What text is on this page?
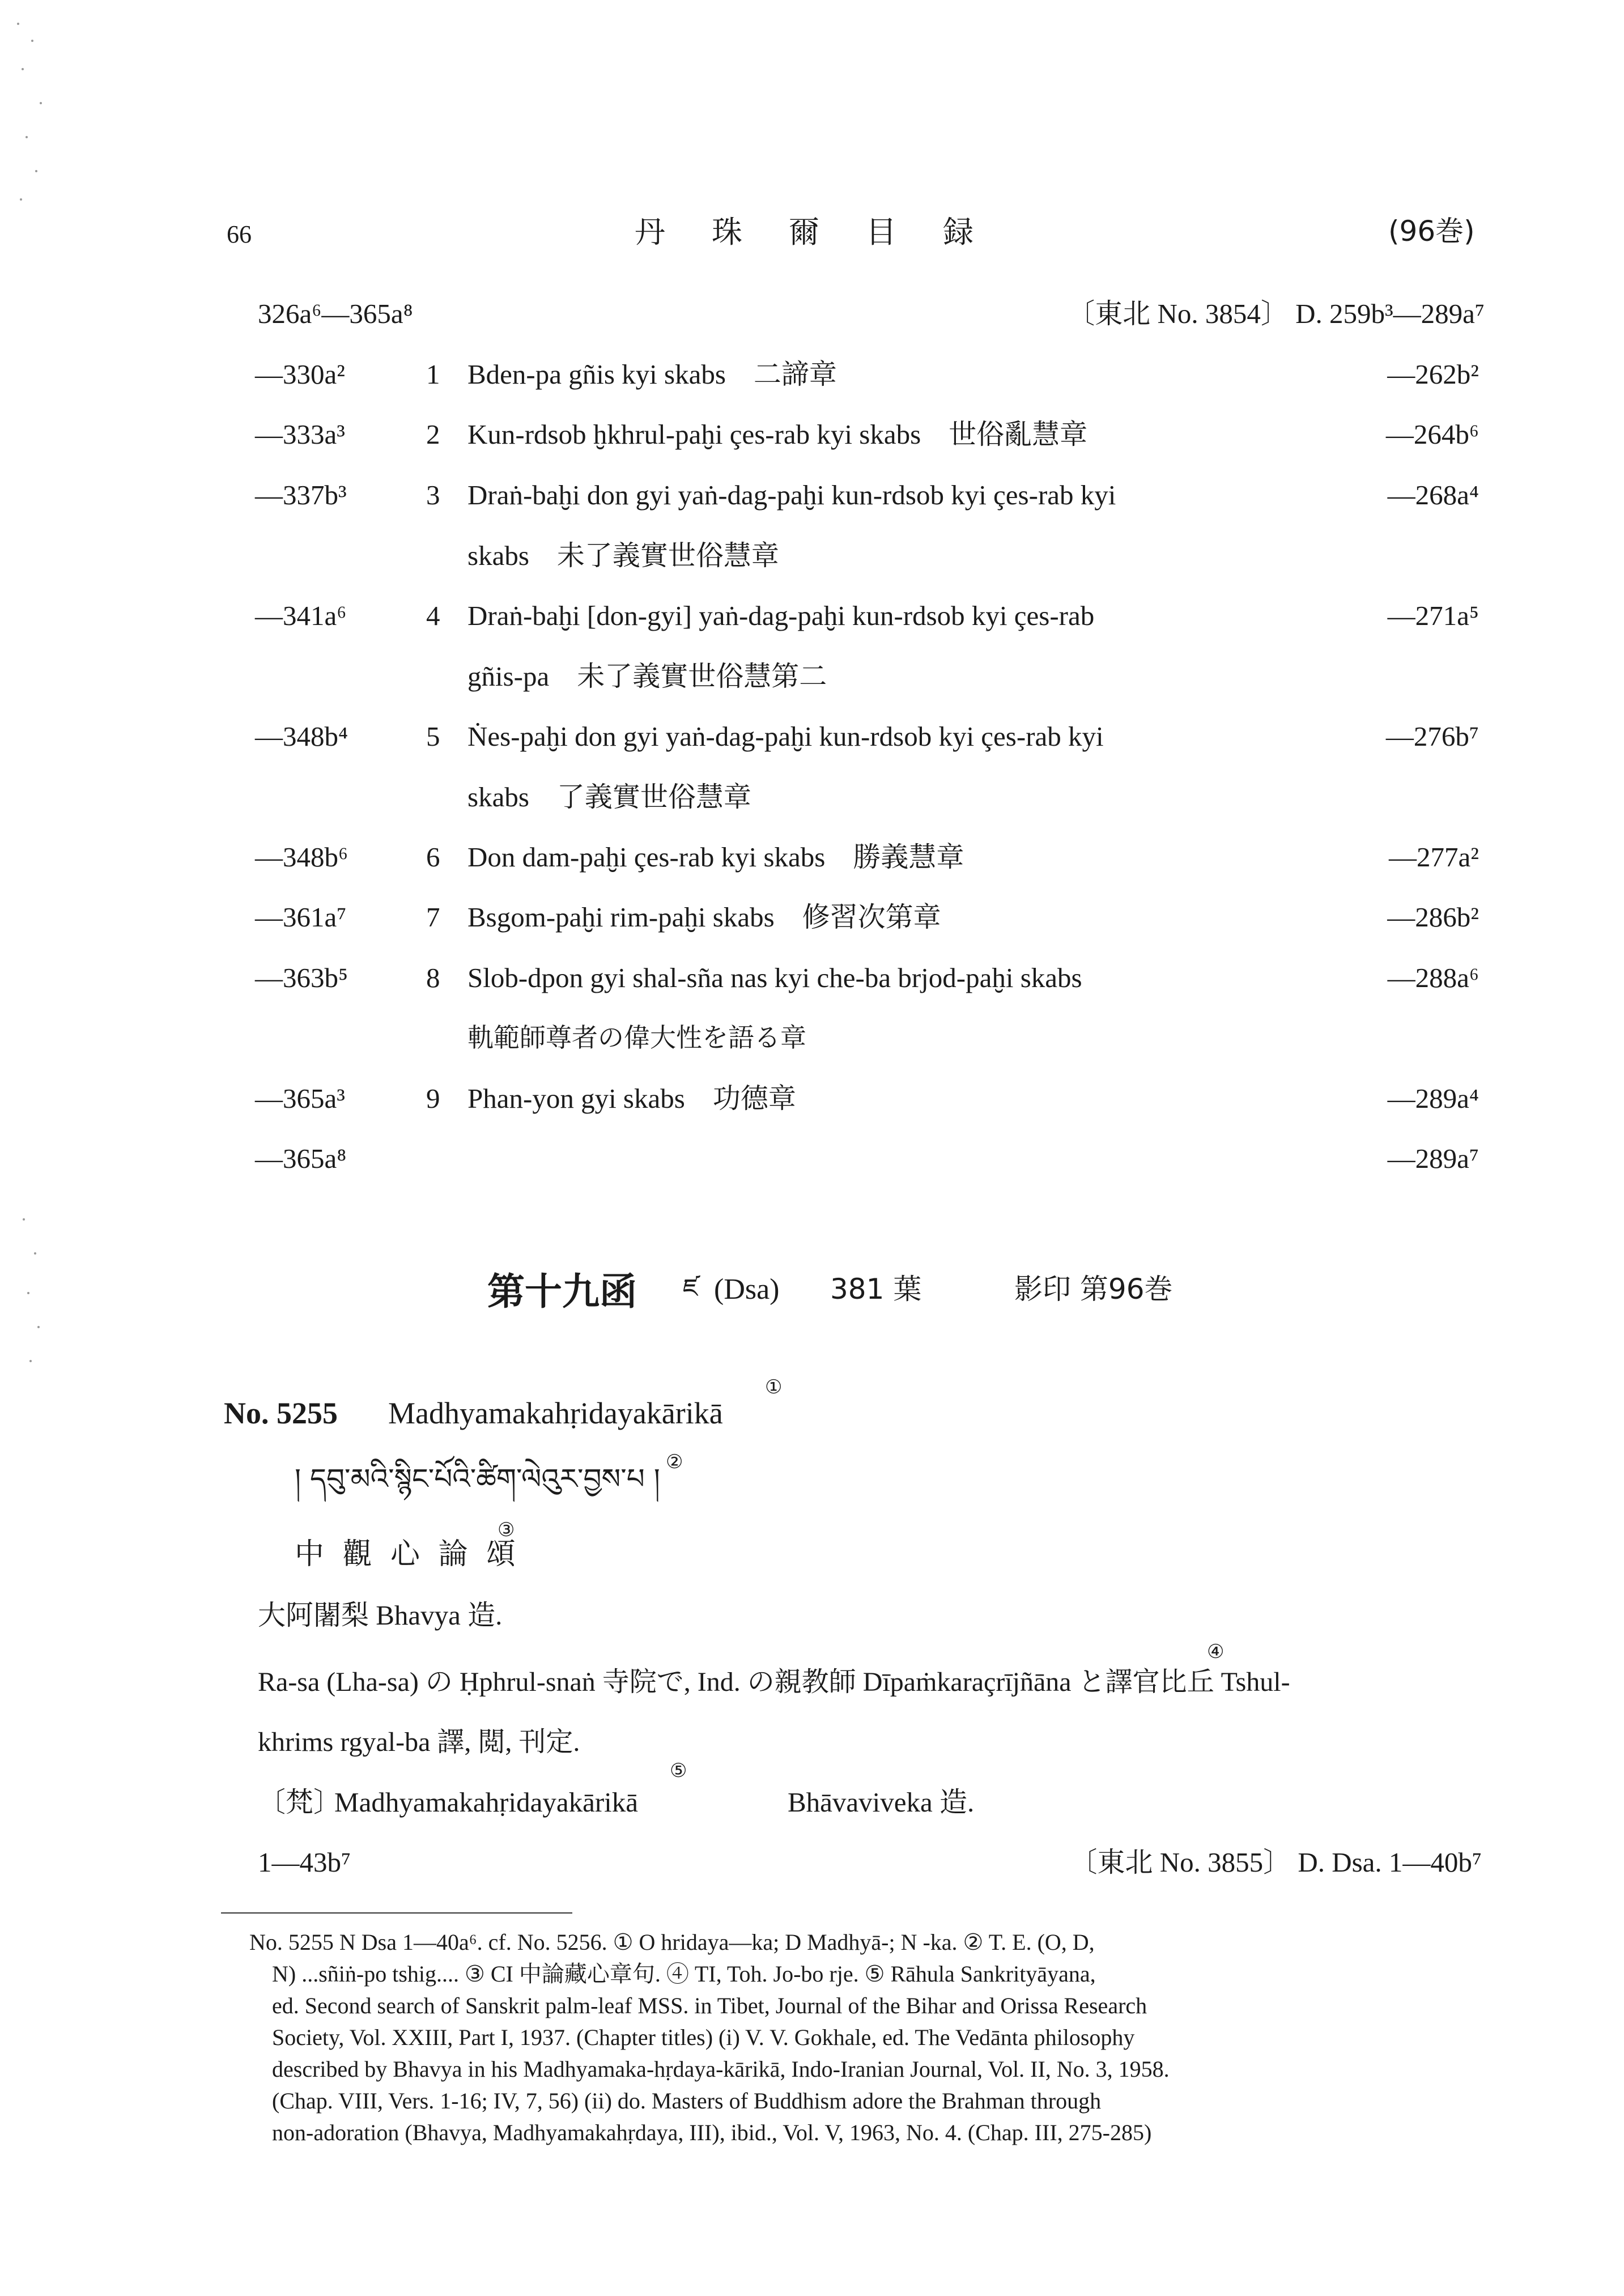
66	丹　珠　爾　目　録	(96巻)
326a⁶—365a⁸	〔東北 No. 3854〕 D. 259b³—289a⁷
—330a²	1 Bden-pa gñis kyi skabs　二諦章	—262b²
—333a³	2 Kun-rdsob ḫkhrul-paḫi çes-rab kyi skabs　世俗亂慧章	—264b⁶
—337b³	3 Draṅ-baḫi don gyi yaṅ-dag-paḫi kun-rdsob kyi çes-rab kyi	—268a⁴
skabs　未了義實世俗慧章
—341a⁶	4 Draṅ-baḫi [don-gyi] yaṅ-dag-paḫi kun-rdsob kyi çes-rab	—271a⁵
gñis-pa　未了義實世俗慧第二
—348b⁴	5 Ṅes-paḫi don gyi yaṅ-dag-paḫi kun-rdsob kyi çes-rab kyi	—276b⁷
skabs　了義實世俗慧章
—348b⁶	6 Don dam-paḫi çes-rab kyi skabs　勝義慧章	—277a²
—361a⁷	7 Bsgom-paḫi rim-paḫi skabs　修習次第章	—286b²
—363b⁵	8 Slob-dpon gyi shal-sña nas kyi che-ba brjod-paḫi skabs	—288a⁶
軌範師尊者の偉大性を語る章
—365a³	9 Phan-yon gyi skabs　功德章	—289a⁴
—365a⁸	—289a⁷
第十九函 ཛ (Dsa) 381 葉	影印 第96巻
No. 5255 Madhyamakahṛidayakārikā
①
། དབུ་མའི་སྙིང་པོའི་ཚིག་ལེའུར་བྱས་པ །
②
中 觀 心 論 頌
③
大阿闍梨 Bhavya 造.
Ra-sa (Lha-sa) の Ḥphrul-snaṅ 寺院で, Ind. の親教師 Dīpaṁkaraçrījñāna と譯官比丘 Tshul-
④
khrims rgyal-ba 譯, 閲, 刊定.
〔梵〕
Madhyamakahṛidayakārikā
⑤
Bhāvaviveka 造.
1—43b⁷	〔東北 No. 3855〕 D. Dsa. 1—40b⁷
No. 5255 N Dsa 1—40a⁶. cf. No. 5256. ① O hridaya—ka; D Madhyā-; N -ka. ② T. E. (O, D,
N) ...sñiṅ-po tshig.... ③ CI 中論藏心章句. ④ TI, Toh. Jo-bo rje. ⑤ Rāhula Sankrityāyana,
ed. Second search of Sanskrit palm-leaf MSS. in Tibet, Journal of the Bihar and Orissa Research
Society, Vol. XXIII, Part I, 1937. (Chapter titles) (i) V. V. Gokhale, ed. The Vedānta philosophy
described by Bhavya in his Madhyamaka-hṛdaya-kārikā, Indo-Iranian Journal, Vol. II, No. 3, 1958.
(Chap. VIII, Vers. 1-16; IV, 7, 56) (ii) do. Masters of Buddhism adore the Brahman through
non-adoration (Bhavya, Madhyamakahṛdaya, III), ibid., Vol. V, 1963, No. 4. (Chap. III, 275-285)
